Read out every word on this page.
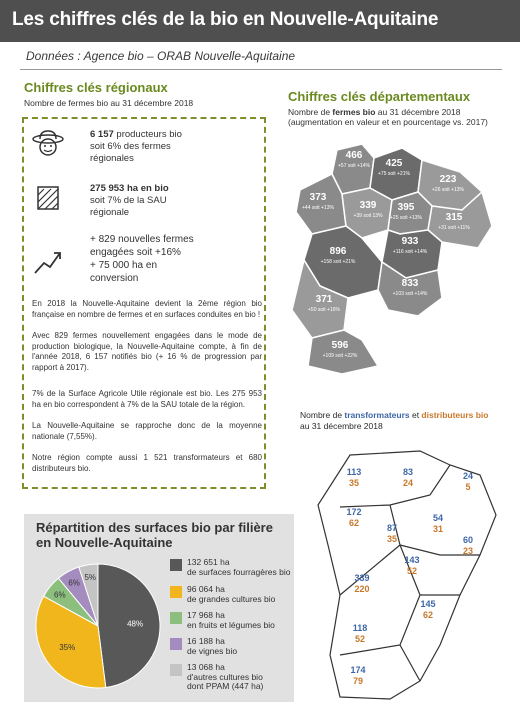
Les chiffres clés de la bio en Nouvelle-Aquitaine
Données : Agence bio – ORAB Nouvelle-Aquitaine
Chiffres clés régionaux
Nombre de fermes bio au 31 décembre 2018
6 157 producteurs bio
soit 6% des fermes
régionales
275 953 ha en bio
soit 7% de la SAU
régionale
+ 829 nouvelles fermes
engagées soit +16%
+ 75 000 ha en
conversion
En 2018 la Nouvelle-Aquitaine devient la 2ème région bio française en nombre de fermes et en surfaces conduites en bio !
Avec 829 fermes nouvellement engagées dans le mode de production biologique, la Nouvelle-Aquitaine compte, à fin de l'année 2018, 6 157 notifiés bio (+ 16 % de progression par rapport à 2017).
7% de la Surface Agricole Utile régionale est bio. Les 275 953 ha en bio correspondent à 7% de la SAU totale de la région.
La Nouvelle-Aquitaine se rapproche donc de la moyenne nationale (7,55%).
Notre région compte aussi 1 521 transformateurs et 680 distributeurs bio.
Chiffres clés départementaux
Nombre de fermes bio au 31 décembre 2018
(augmentation en valeur et en pourcentage vs. 2017)
466
+57 soit +14% 425
+75 soit +21%	223
+26 soit +13%
373
+44 soit +13%	339
+39 soit 13%
395
+25 soit +13% 315
+31 soit +11%
933
+116 soit +14%
896
+158 soit +21%
833
+103 soit +14%
371
+50 soit +16%
596
+109 soit +22%
Nombre de transformateurs et distributeurs bio
au 31 décembre 2018
113
35
83
24
24
5
172
62	87
35
54
31
60
23
143
52
339
220
145
62
118
52
174
79
Répartition des surfaces bio par filière en Nouvelle-Aquitaine
48%
35%
6%
6%
5%
132 651 ha
de surfaces fourragères bio
96 064 ha
de grandes cultures bio
17 968 ha
en fruits et légumes bio
16 188 ha
de vignes bio
13 068 ha
d'autres cultures bio
dont PPAM (447 ha)
